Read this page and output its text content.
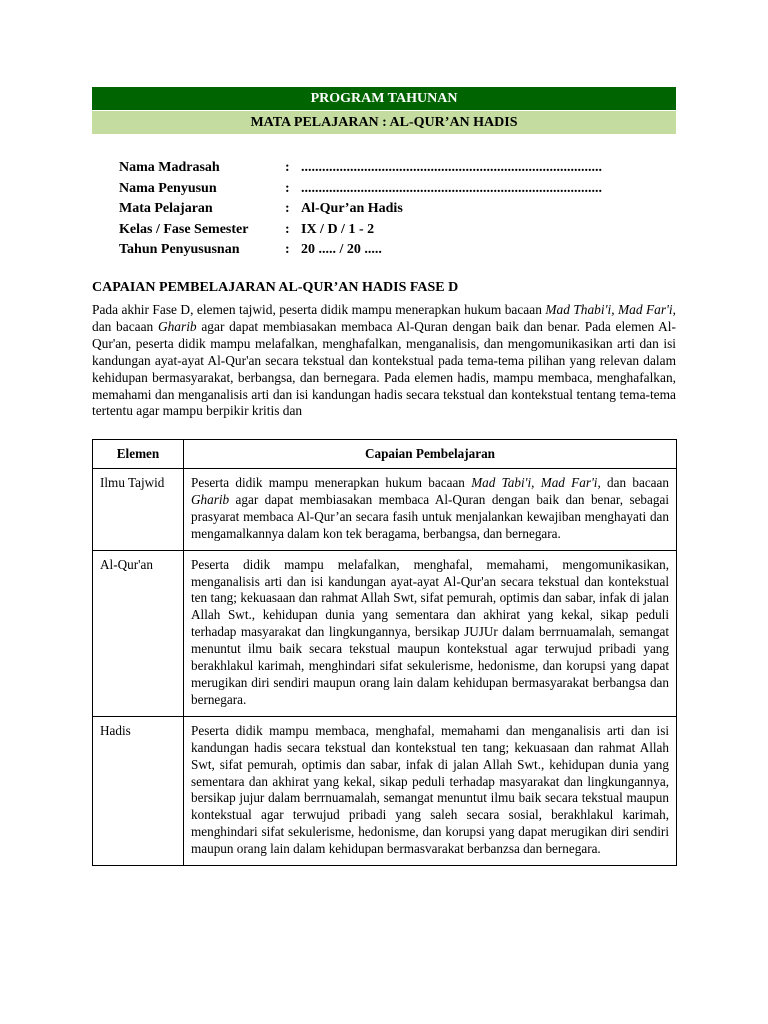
PROGRAM TAHUNAN
MATA PELAJARAN : AL-QUR’AN HADIS
Nama Madrasah	: ......................................................................................
Nama Penyusun	: ......................................................................................
Mata Pelajaran	: Al-Qur’an Hadis
Kelas / Fase Semester	: IX / D / 1 - 2
Tahun Penyususnan	: 20 ..... / 20 .....
CAPAIAN PEMBELAJARAN AL-QUR’AN HADIS FASE D

Pada akhir Fase D, elemen tajwid, peserta didik mampu menerapkan hukum bacaan Mad Thabi'i, Mad Far'i, dan bacaan Gharib agar dapat membiasakan membaca Al-Quran dengan baik dan benar. Pada elemen Al-Qur'an, peserta didik mampu melafalkan, menghafalkan, menganalisis, dan mengomunikasikan arti dan isi kandungan ayat-ayat Al-Qur'an secara tekstual dan kontekstual pada tema-tema pilihan yang relevan dalam kehidupan bermasyarakat, berbangsa, dan bernegara. Pada elemen hadis, mampu membaca, menghafalkan, memahami dan menganalisis arti dan isi kandungan hadis secara tekstual dan kontekstual tentang tema-tema tertentu agar mampu berpikir kritis dan

Elemen	Capaian Pembelajaran
Ilmu Tajwid	Peserta didik mampu menerapkan hukum bacaan Mad Tabi'i, Mad Far'i, dan bacaan Gharib agar dapat membiasakan membaca Al-Quran dengan baik dan benar, sebagai prasyarat membaca Al-Qur’an secara fasih untuk menjalankan kewajiban menghayati dan mengamalkannya dalam kon tek beragama, berbangsa, dan bernegara.
Al-Qur'an	Peserta didik mampu melafalkan, menghafal, memahami, mengomunikasikan, menganalisis arti dan isi kandungan ayat-ayat Al-Qur'an secara tekstual dan kontekstual ten tang; kekuasaan dan rahmat Allah Swt, sifat pemurah, optimis dan sabar, infak di jalan Allah Swt., kehidupan dunia yang sementara dan akhirat yang kekal, sikap peduli terhadap masyarakat dan lingkungannya, bersikap JUJUr dalam berrnuamalah, semangat menuntut ilmu baik secara tekstual maupun kontekstual agar terwujud pribadi yang berakhlakul karimah, menghindari sifat sekulerisme, hedonisme, dan korupsi yang dapat merugikan diri sendiri maupun orang lain dalam kehidupan bermasyarakat berbangsa dan bernegara.
Hadis	Peserta didik mampu membaca, menghafal, memahami dan menganalisis arti dan isi kandungan hadis secara tekstual dan kontekstual ten tang; kekuasaan dan rahmat Allah Swt, sifat pemurah, optimis dan sabar, infak di jalan Allah Swt., kehidupan dunia yang sementara dan akhirat yang kekal, sikap peduli terhadap masyarakat dan lingkungannya, bersikap jujur dalam berrnuamalah, semangat menuntut ilmu baik secara tekstual maupun kontekstual agar terwujud pribadi yang saleh secara sosial, berakhlakul karimah, menghindari sifat sekulerisme, hedonisme, dan korupsi yang dapat merugikan diri sendiri maupun orang lain dalam kehidupan bermasvarakat berbanzsa dan bernegara.
